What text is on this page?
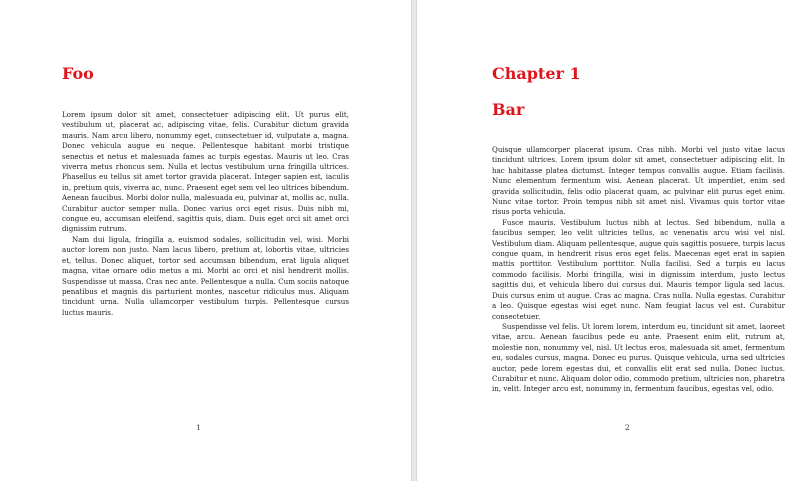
Foo

Lorem ipsum dolor sit amet, consectetuer adipiscing elit. Ut purus elit, vestibulum ut, placerat ac, adipiscing vitae, felis. Curabitur dictum gravida mauris. Nam arcu libero, nonummy eget, consectetuer id, vulputate a, magna. Donec vehicula augue eu neque. Pellentesque habitant morbi tristique senectus et netus et malesuada fames ac turpis egestas. Mauris ut leo. Cras viverra metus rhoncus sem. Nulla et lectus vestibulum urna fringilla ultrices. Phasellus eu tellus sit amet tortor gravida placerat. Integer sapien est, iaculis in, pretium quis, viverra ac, nunc. Praesent eget sem vel leo ultrices bibendum. Aenean faucibus. Morbi dolor nulla, malesuada eu, pulvinar at, mollis ac, nulla. Curabitur auctor semper nulla. Donec varius orci eget risus. Duis nibh mi, congue eu, accumsan eleifend, sagittis quis, diam. Duis eget orci sit amet orci dignissim rutrum.

Nam dui ligula, fringilla a, euismod sodales, sollicitudin vel, wisi. Morbi auctor lorem non justo. Nam lacus libero, pretium at, lobortis vitae, ultricies et, tellus. Donec aliquet, tortor sed accumsan bibendum, erat ligula aliquet magna, vitae ornare odio metus a mi. Morbi ac orci et nisl hendrerit mollis. Suspendisse ut massa. Cras nec ante. Pellentesque a nulla. Cum sociis natoque penatibus et magnis dis parturient montes, nascetur ridiculus mus. Aliquam tincidunt urna. Nulla ullamcorper vestibulum turpis. Pellentesque cursus luctus mauris.

1
Chapter 1
Bar

Quisque ullamcorper placerat ipsum. Cras nibh. Morbi vel justo vitae lacus tincidunt ultrices. Lorem ipsum dolor sit amet, consectetuer adipiscing elit. In hac habitasse platea dictumst. Integer tempus convallis augue. Etiam facilisis. Nunc elementum fermentum wisi. Aenean placerat. Ut imperdiet, enim sed gravida sollicitudin, felis odio placerat quam, ac pulvinar elit purus eget enim. Nunc vitae tortor. Proin tempus nibh sit amet nisl. Vivamus quis tortor vitae risus porta vehicula.

Fusce mauris. Vestibulum luctus nibh at lectus. Sed bibendum, nulla a faucibus semper, leo velit ultricies tellus, ac venenatis arcu wisi vel nisl. Vestibulum diam. Aliquam pellentesque, augue quis sagittis posuere, turpis lacus congue quam, in hendrerit risus eros eget felis. Maecenas eget erat in sapien mattis porttitor. Vestibulum porttitor. Nulla facilisi. Sed a turpis eu lacus commodo facilisis. Morbi fringilla, wisi in dignissim interdum, justo lectus sagittis dui, et vehicula libero dui cursus dui. Mauris tempor ligula sed lacus. Duis cursus enim ut augue. Cras ac magna. Cras nulla. Nulla egestas. Curabitur a leo. Quisque egestas wisi eget nunc. Nam feugiat lacus vel est. Curabitur consectetuer.

Suspendisse vel felis. Ut lorem lorem, interdum eu, tincidunt sit amet, laoreet vitae, arcu. Aenean faucibus pede eu ante. Praesent enim elit, rutrum at, molestie non, nonummy vel, nisl. Ut lectus eros, malesuada sit amet, fermentum eu, sodales cursus, magna. Donec eu purus. Quisque vehicula, urna sed ultricies auctor, pede lorem egestas dui, et convallis elit erat sed nulla. Donec luctus. Curabitur et nunc. Aliquam dolor odio, commodo pretium, ultricies non, pharetra in, velit. Integer arcu est, nonummy in, fermentum faucibus, egestas vel, odio.

2
